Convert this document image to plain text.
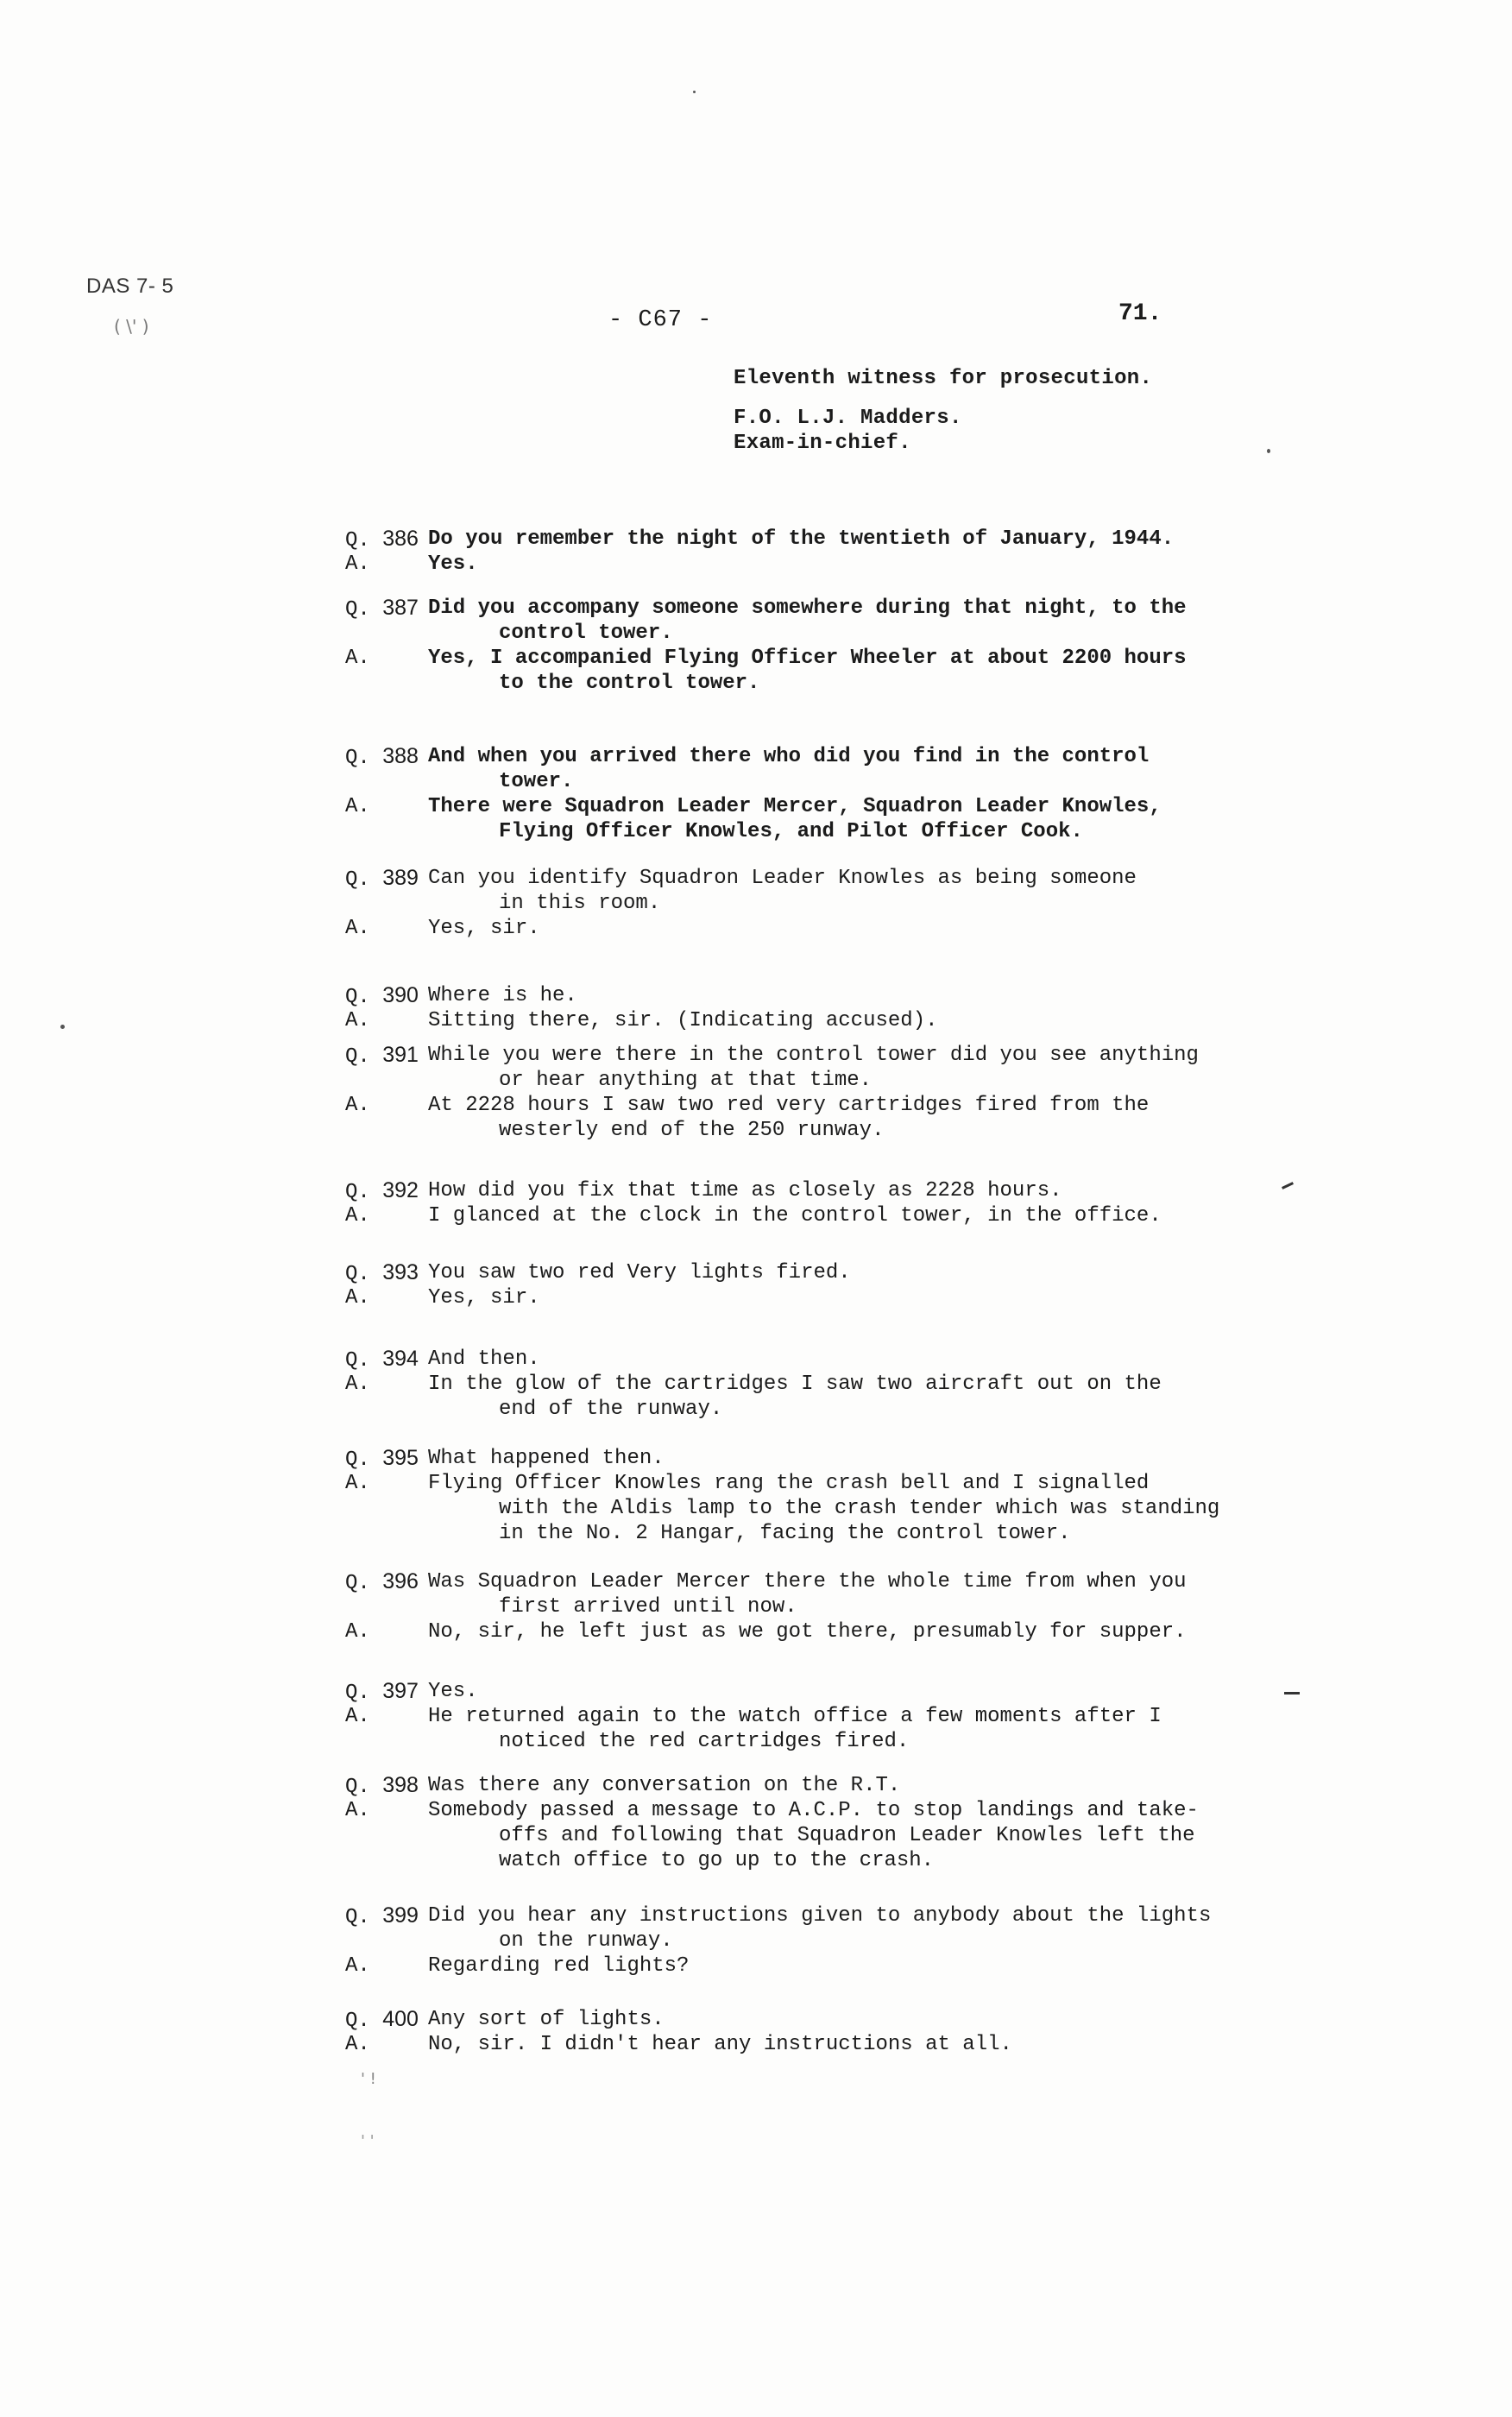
DAS 7- 5
( \' )	- C67 -	71.
Eleventh witness for prosecution.
F.O. L.J. Madders.
Exam-in-chief.
Q. 386 Do you remember the night of the twentieth of January, 1944.
A.	Yes.
Q. 387 Did you accompany someone somewhere during that night, to the
control tower.
A.	Yes, I accompanied Flying Officer Wheeler at about 2200 hours
to the control tower.
Q. 388 And when you arrived there who did you find in the control
tower.
A.	There were Squadron Leader Mercer, Squadron Leader Knowles,
Flying Officer Knowles, and Pilot Officer Cook.
Q. 389 Can you identify Squadron Leader Knowles as being someone
in this room.
A.	Yes, sir.
Q. 390 Where is he.
A.	Sitting there, sir. (Indicating accused).
Q. 391 While you were there in the control tower did you see anything
or hear anything at that time.
A.	At 2228 hours I saw two red very cartridges fired from the
westerly end of the 250 runway.
Q. 392 How did you fix that time as closely as 2228 hours.
A.	I glanced at the clock in the control tower, in the office.
Q. 393 You saw two red Very lights fired.
A.	Yes, sir.
Q. 394 And then.
A.	In the glow of the cartridges I saw two aircraft out on the
end of the runway.
Q. 395 What happened then.
A.	Flying Officer Knowles rang the crash bell and I signalled
with the Aldis lamp to the crash tender which was standing
in the No. 2 Hangar, facing the control tower.
Q. 396 Was Squadron Leader Mercer there the whole time from when you
first arrived until now.
A.	No, sir, he left just as we got there, presumably for supper.
Q. 397 Yes.
A.	He returned again to the watch office a few moments after I
noticed the red cartridges fired.
Q. 398 Was there any conversation on the R.T.
A.	Somebody passed a message to A.C.P. to stop landings and take-
offs and following that Squadron Leader Knowles left the
watch office to go up to the crash.
Q. 399 Did you hear any instructions given to anybody about the lights
on the runway.
A.	Regarding red lights?
Q. 400 Any sort of lights.
A.	No, sir. I didn't hear any instructions at all.
' !
' '
